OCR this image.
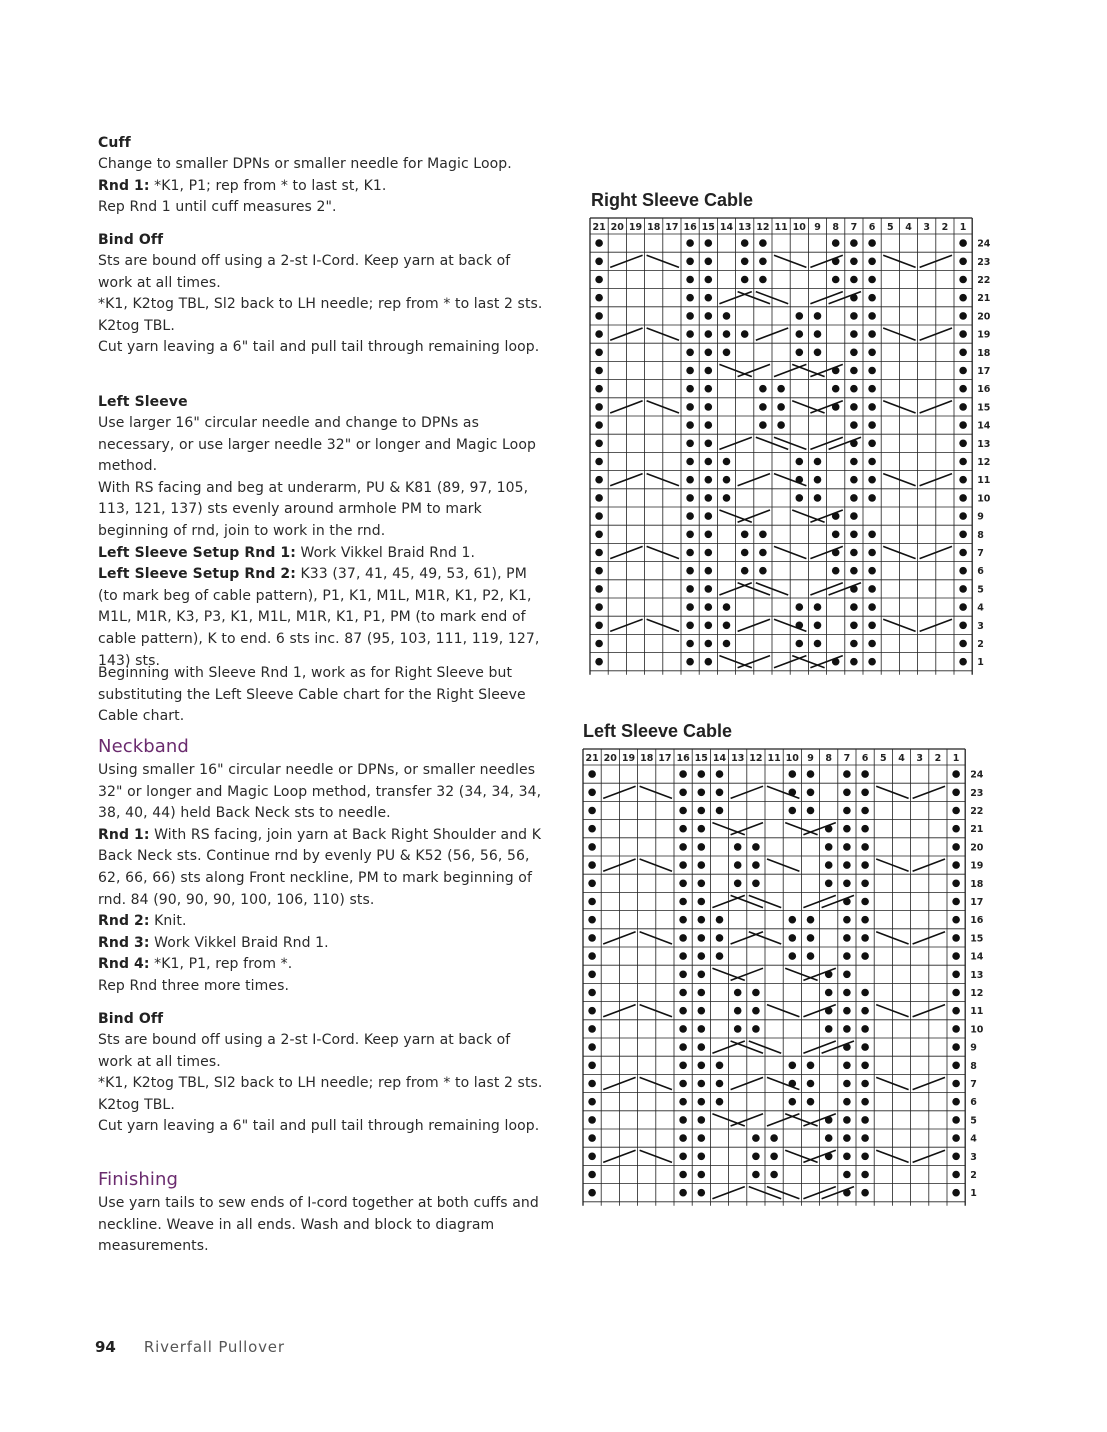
Cuff

Change to smaller DPNs or smaller needle for Magic Loop.
Rnd 1: *K1, P1; rep from * to last st, K1.
Rep Rnd 1 until cuff measures 2".

Bind Off

Sts are bound off using a 2-st I-Cord. Keep yarn at back of work at all times.
*K1, K2tog TBL, Sl2 back to LH needle; rep from * to last 2 sts. K2tog TBL.
Cut yarn leaving a 6" tail and pull tail through remaining loop.

Left Sleeve

Use larger 16" circular needle and change to DPNs as necessary, or use larger needle 32" or longer and Magic Loop method.
With RS facing and beg at underarm, PU & K81 (89, 97, 105, 113, 121, 137) sts evenly around armhole PM to mark beginning of rnd, join to work in the rnd.
Left Sleeve Setup Rnd 1: Work Vikkel Braid Rnd 1.
Left Sleeve Setup Rnd 2: K33 (37, 41, 45, 49, 53, 61), PM (to mark beg of cable pattern), P1, K1, M1L, M1R, K1, P2, K1, M1L, M1R, K3, P3, K1, M1L, M1R, K1, P1, PM (to mark end of cable pattern), K to end. 6 sts inc. 87 (95, 103, 111, 119, 127, 143) sts.

Beginning with Sleeve Rnd 1, work as for Right Sleeve but substituting the Left Sleeve Cable chart for the Right Sleeve Cable chart.

Neckband

Using smaller 16" circular needle or DPNs, or smaller needles 32" or longer and Magic Loop method, transfer 32 (34, 34, 34, 38, 40, 44) held Back Neck sts to needle.
Rnd 1: With RS facing, join yarn at Back Right Shoulder and K Back Neck sts. Continue rnd by evenly PU & K52 (56, 56, 56, 62, 66, 66) sts along Front neckline, PM to mark beginning of rnd. 84 (90, 90, 90, 100, 106, 110) sts.
Rnd 2: Knit.
Rnd 3: Work Vikkel Braid Rnd 1.
Rnd 4: *K1, P1, rep from *.
Rep Rnd three more times.

Bind Off

Sts are bound off using a 2-st I-Cord. Keep yarn at back of work at all times.
*K1, K2tog TBL, Sl2 back to LH needle; rep from * to last 2 sts. K2tog TBL.
Cut yarn leaving a 6" tail and pull tail through remaining loop.

Finishing

Use yarn tails to sew ends of I-cord together at both cuffs and neckline. Weave in all ends. Wash and block to diagram measurements.

Right Sleeve Cable
21 20 19 18 17 16 15 14 13 12 11 10 9 8 7 6 5 4 3 2 1
24
23
22
21
20
19
18
17
16
15
14
13
12
11
10
9
8
7
6
5
4
3
2
1
Left Sleeve Cable
21 20 19 18 17 16 15 14 13 12 11 10 9 8 7 6 5 4 3 2 1
24
23
22
21
20
19
18
17
16
15
14
13
12
11
10
9
8
7
6
5
4
3
2
1
94 Riverfall Pullover
